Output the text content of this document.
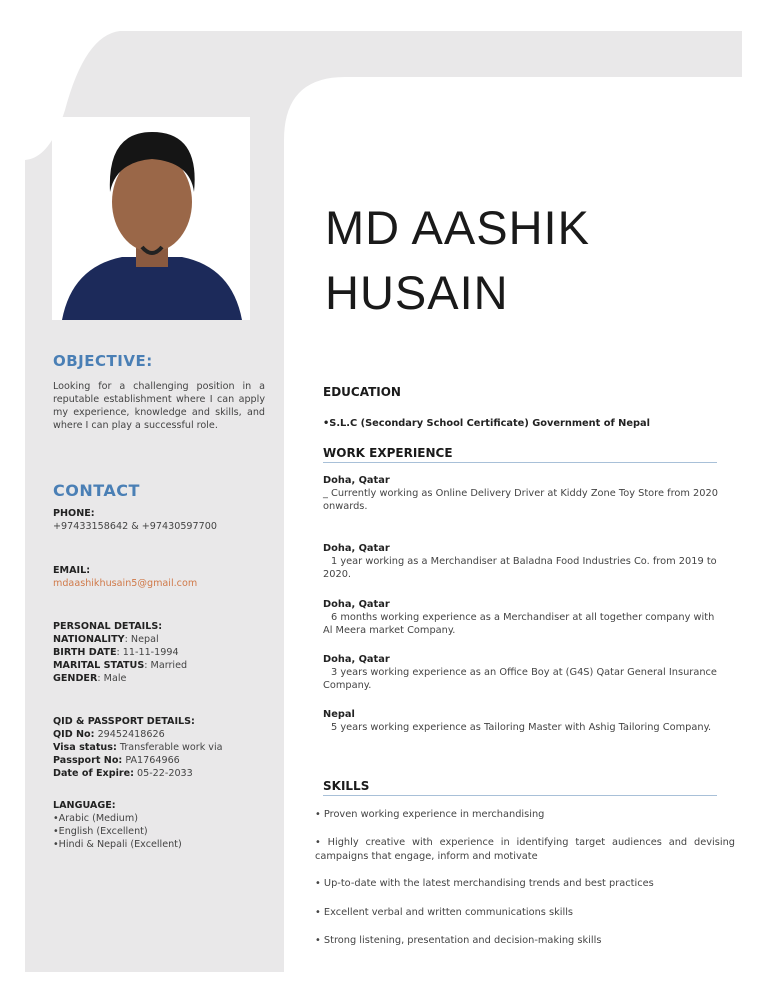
OBJECTIVE:
Looking for a challenging position in a reputable establishment where I can apply my experience, knowledge and skills, and where I can play a successful role.
CONTACT
PHONE:
+97433158642 & +97430597700
EMAIL:
mdaashikhusain5@gmail.com
PERSONAL DETAILS:
NATIONALITY: Nepal
BIRTH DATE: 11-11-1994
MARITAL STATUS: Married
GENDER: Male
QID & PASSPORT DETAILS:
QID No: 29452418626
Visa status: Transferable work via
Passport No: PA1764966
Date of Expire: 05-22-2033
LANGUAGE:
•Arabic (Medium)
•English (Excellent)
•Hindi & Nepali (Excellent)
MD AASHIK
HUSAIN
EDUCATION
•S.L.C (Secondary School Certificate) Government of Nepal
WORK EXPERIENCE
Doha, Qatar
_ Currently working as Online Delivery Driver at Kiddy Zone Toy Store from 2020 onwards.
Doha, Qatar
1 year working as a Merchandiser at Baladna Food Industries Co. from 2019 to 2020.
Doha, Qatar
6 months working experience as a Merchandiser at all together company with Al Meera market Company.
Doha, Qatar
3 years working experience as an Office Boy at (G4S) Qatar General Insurance Company.
Nepal
5 years working experience as Tailoring Master with Ashig Tailoring Company.
SKILLS
• Proven working experience in merchandising
• Highly creative with experience in identifying target audiences and devising campaigns that engage, inform and motivate
• Up-to-date with the latest merchandising trends and best practices
• Excellent verbal and written communications skills
• Strong listening, presentation and decision-making skills
